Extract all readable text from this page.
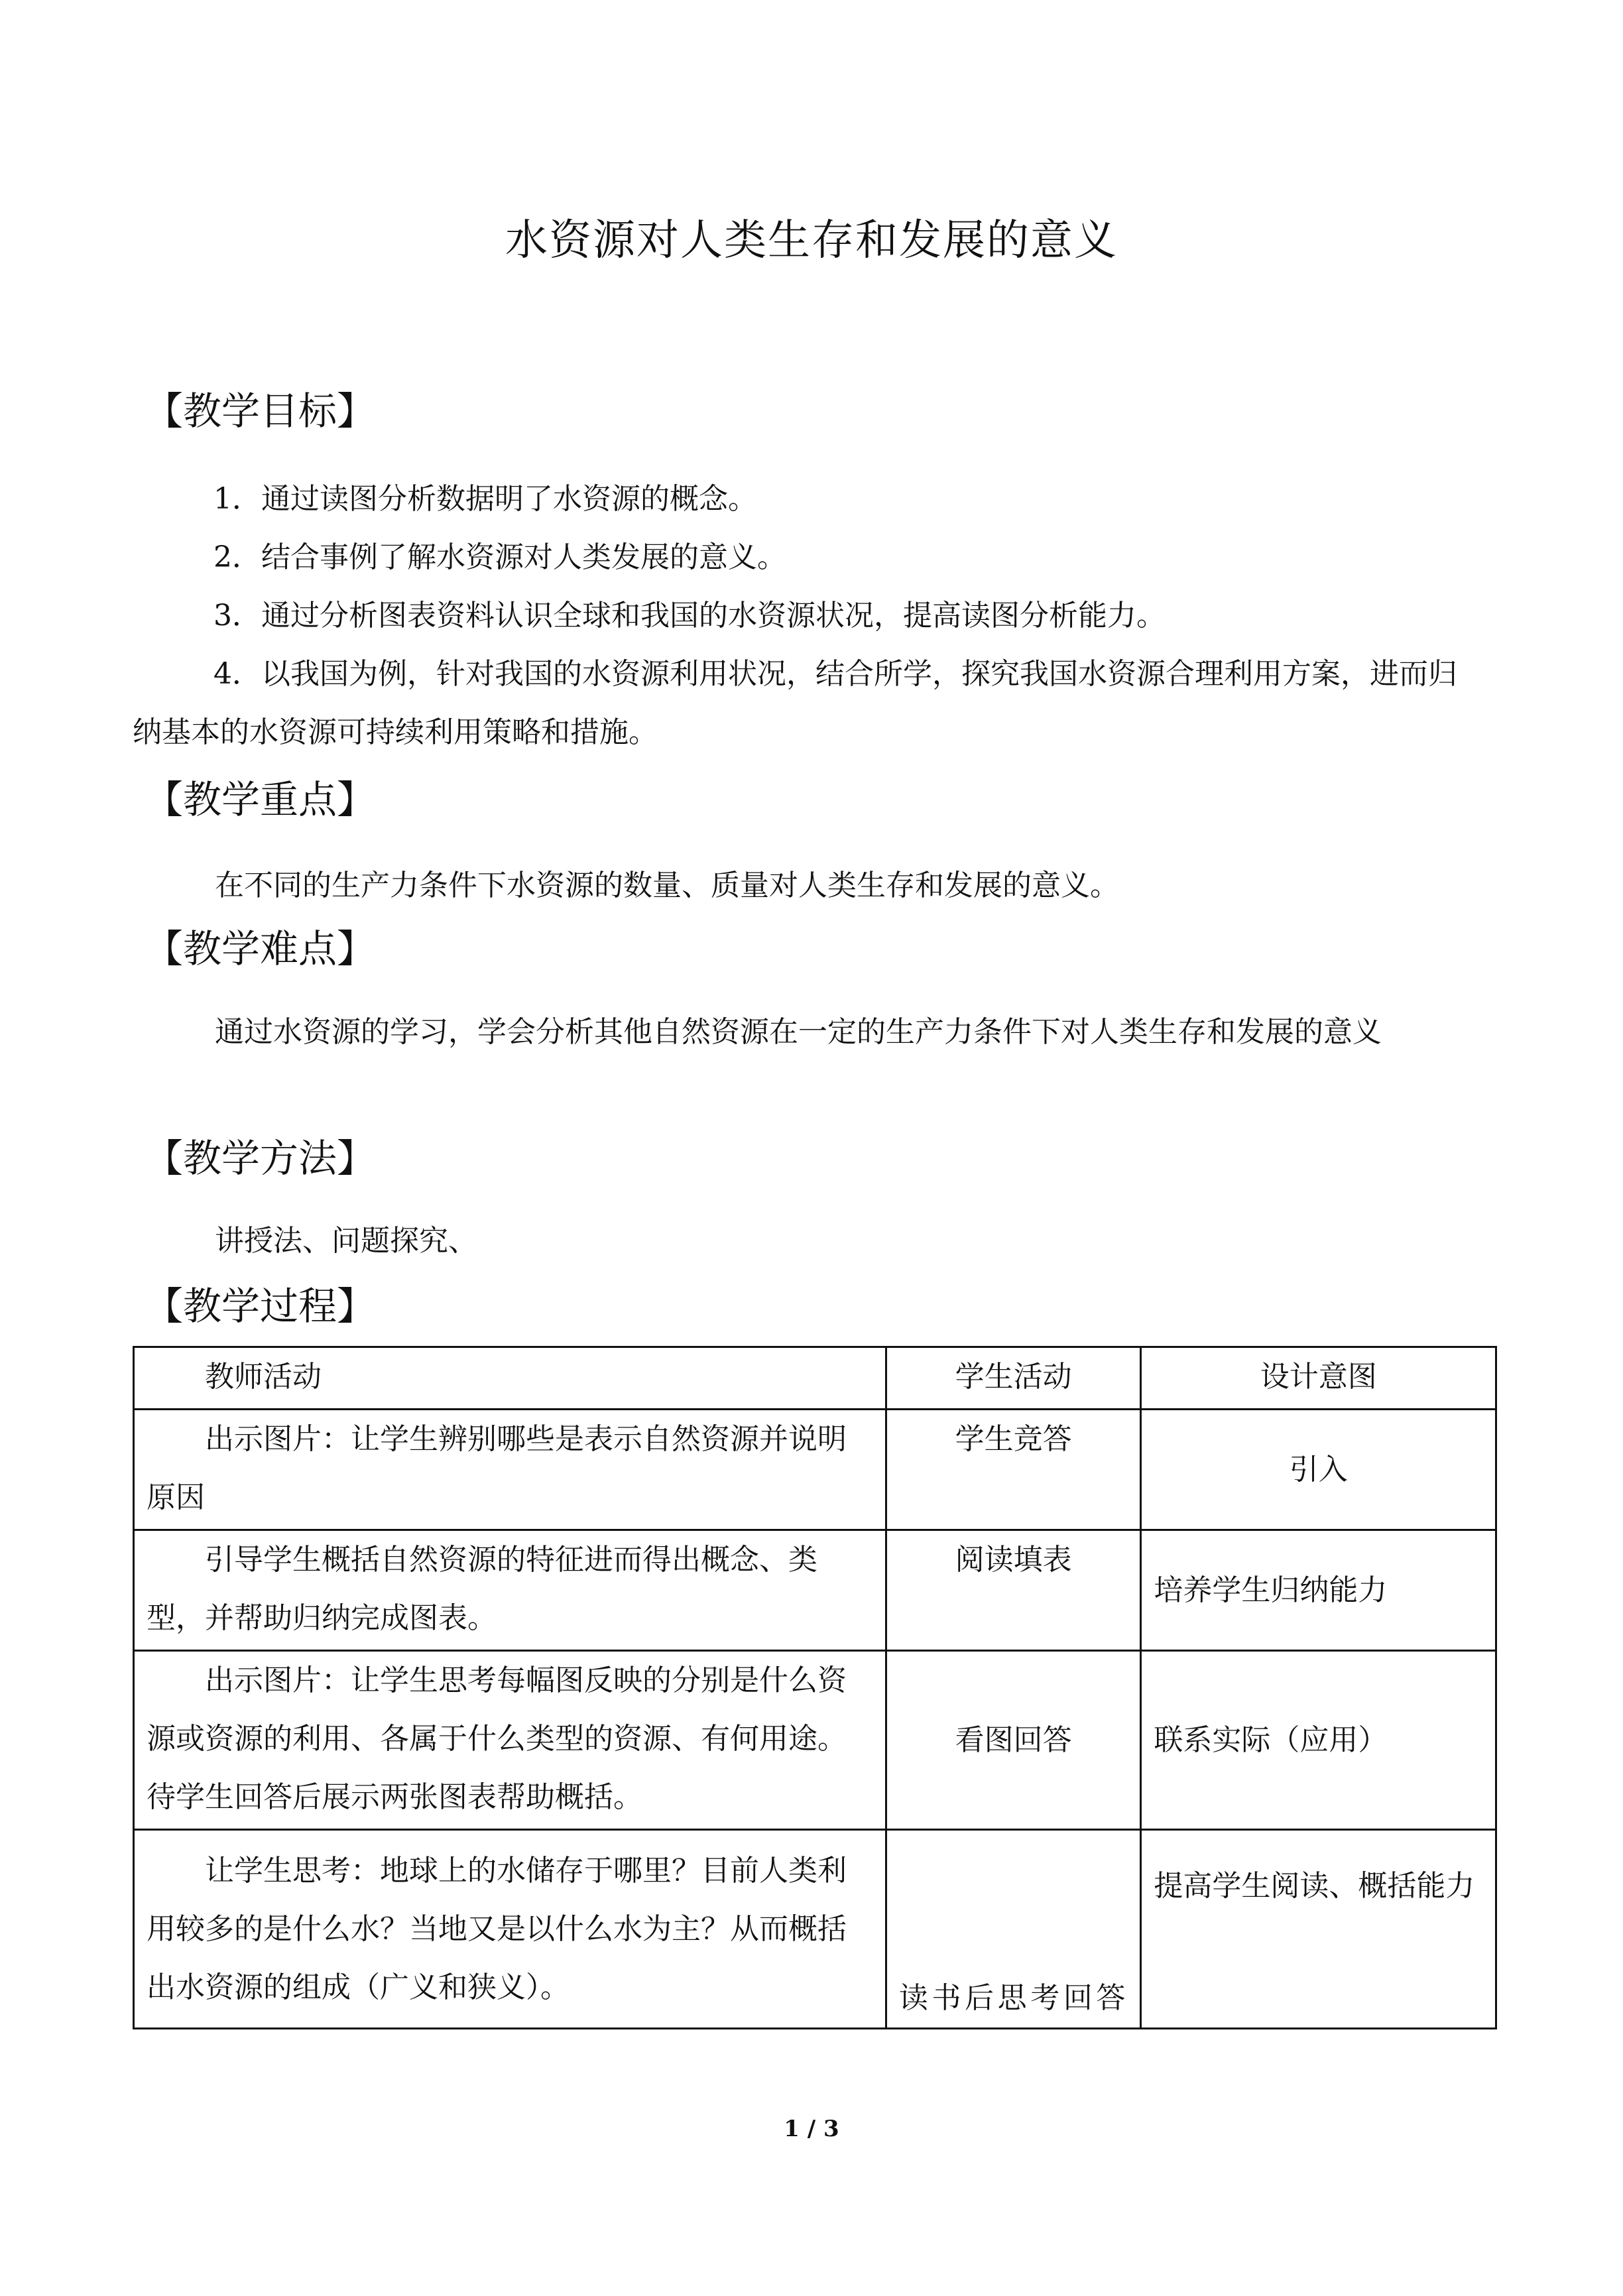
水资源对人类生存和发展的意义
【教学目标】
1．通过读图分析数据明了水资源的概念。
2．结合事例了解水资源对人类发展的意义。
3．通过分析图表资料认识全球和我国的水资源状况，提高读图分析能力。
4．以我国为例，针对我国的水资源利用状况，结合所学，探究我国水资源合理利用方案，进而归纳基本的水资源可持续利用策略和措施。
【教学重点】
在不同的生产力条件下水资源的数量、质量对人类生存和发展的意义。
【教学难点】
通过水资源的学习，学会分析其他自然资源在一定的生产力条件下对人类生存和发展的意义
【教学方法】
讲授法、问题探究、
【教学过程】
教师活动	学生活动	设计意图
出示图片：让学生辨别哪些是表示自然资源并说明原因	学生竞答	引入
引导学生概括自然资源的特征进而得出概念、类型，并帮助归纳完成图表。	阅读填表	培养学生归纳能力
出示图片：让学生思考每幅图反映的分别是什么资源或资源的利用、各属于什么类型的资源、有何用途。待学生回答后展示两张图表帮助概括。	看图回答	联系实际（应用）
让学生思考：地球上的水储存于哪里？目前人类利用较多的是什么水？当地又是以什么水为主？从而概括出水资源的组成（广义和狭义）。	读书后思考回答	提高学生阅读、概括能力
1 / 3
